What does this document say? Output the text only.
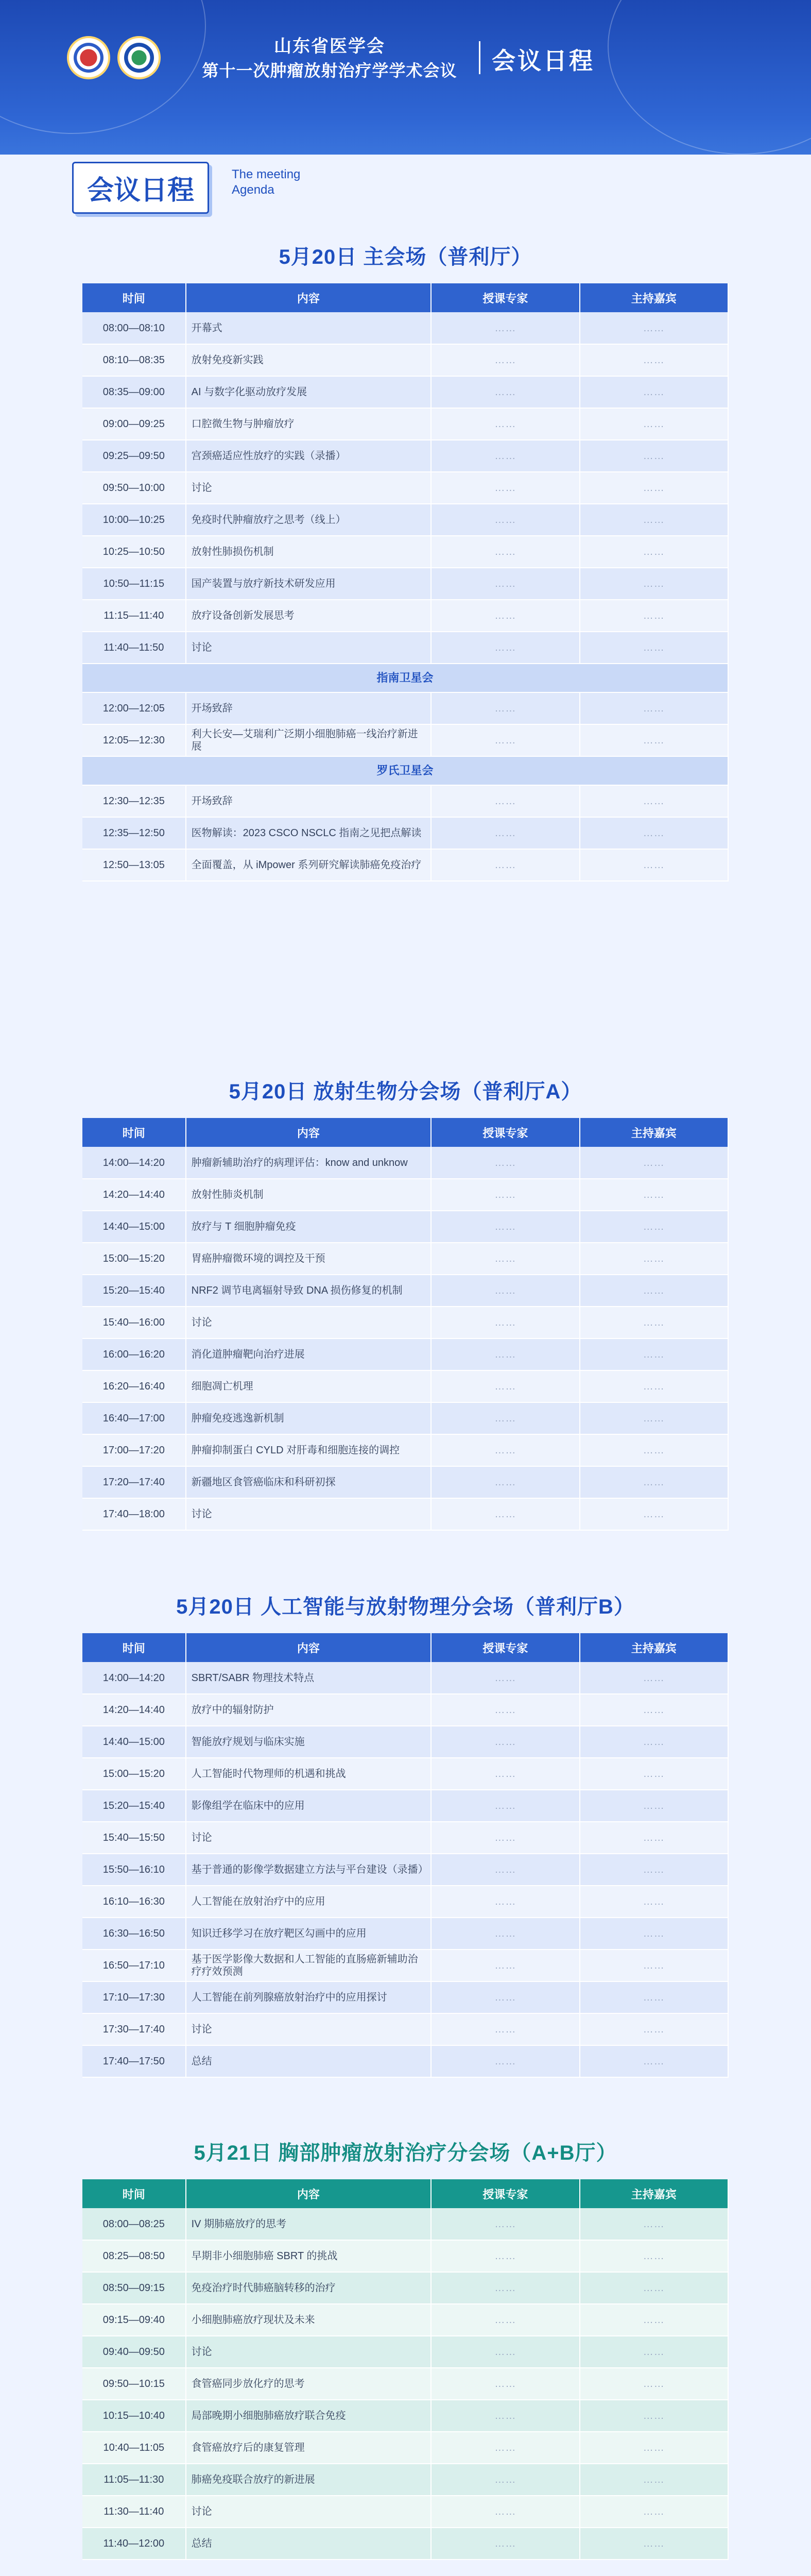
山东省医学会
第十一次肿瘤放射治疗学学术会议	会议日程
会议日程
The meeting Agenda
5月20日 主会场（普利厅）
时间	内容	授课专家	主持嘉宾
08:00—08:10	开幕式	……	……
08:10—08:35	放射免疫新实践	……	……
08:35—09:00	AI 与数字化驱动放疗发展	……	……
09:00—09:25	口腔微生物与肿瘤放疗	……	……
09:25—09:50	宫颈癌适应性放疗的实践（录播）	……	……
09:50—10:00	讨论	……	……
10:00—10:25	免疫时代肿瘤放疗之思考（线上）	……	……
10:25—10:50	放射性肺损伤机制	……	……
10:50—11:15	国产装置与放疗新技术研发应用	……	……
11:15—11:40	放疗设备创新发展思考	……	……
11:40—11:50	讨论	……	……
指南卫星会			
12:00—12:05	开场致辞	……	……
12:05—12:30	利大长安—艾瑞利广泛期小细胞肺癌一线治疗新进展	……	……
罗氏卫星会			
12:30—12:35	开场致辞	……	……
12:35—12:50	医物解读：2023 CSCO NSCLC 指南之见把点解读	……	……
12:50—13:05	全面覆盖，从 iMpower 系列研究解读肺癌免疫治疗	……	……
5月20日 放射生物分会场（普利厅A）
时间	内容	授课专家	主持嘉宾
14:00—14:20	肿瘤新辅助治疗的病理评估：know and unknow	……	……
14:20—14:40	放射性肺炎机制	……	……
14:40—15:00	放疗与 T 细胞肿瘤免疫	……	……
15:00—15:20	胃癌肿瘤微环境的调控及干预	……	……
15:20—15:40	NRF2 调节电离辐射导致 DNA 损伤修复的机制	……	……
15:40—16:00	讨论	……	……
16:00—16:20	消化道肿瘤靶向治疗进展	……	……
16:20—16:40	细胞凋亡机理	……	……
16:40—17:00	肿瘤免疫逃逸新机制	……	……
17:00—17:20	肿瘤抑制蛋白 CYLD 对肝毒和细胞连接的调控	……	……
17:20—17:40	新疆地区食管癌临床和科研初探	……	……
17:40—18:00	讨论	……	……
5月20日 人工智能与放射物理分会场（普利厅B）
时间	内容	授课专家	主持嘉宾
14:00—14:20	SBRT/SABR 物理技术特点	……	……
14:20—14:40	放疗中的辐射防护	……	……
14:40—15:00	智能放疗规划与临床实施	……	……
15:00—15:20	人工智能时代物理师的机遇和挑战	……	……
15:20—15:40	影像组学在临床中的应用	……	……
15:40—15:50	讨论	……	……
15:50—16:10	基于普通的影像学数据建立方法与平台建设（录播）	……	……
16:10—16:30	人工智能在放射治疗中的应用	……	……
16:30—16:50	知识迁移学习在放疗靶区勾画中的应用	……	……
16:50—17:10	基于医学影像大数据和人工智能的直肠癌新辅助治疗疗效预测	……	……
17:10—17:30	人工智能在前列腺癌放射治疗中的应用探讨	……	……
17:30—17:40	讨论	……	……
17:40—17:50	总结	……	……
5月21日 胸部肿瘤放射治疗分会场（A+B厅）
时间	内容	授课专家	主持嘉宾
08:00—08:25	IV 期肺癌放疗的思考	……	……
08:25—08:50	早期非小细胞肺癌 SBRT 的挑战	……	……
08:50—09:15	免疫治疗时代肺癌脑转移的治疗	……	……
09:15—09:40	小细胞肺癌放疗现状及未来	……	……
09:40—09:50	讨论	……	……
09:50—10:15	食管癌同步放化疗的思考	……	……
10:15—10:40	局部晚期小细胞肺癌放疗联合免疫	……	……
10:40—11:05	食管癌放疗后的康复管理	……	……
11:05—11:30	肺癌免疫联合放疗的新进展	……	……
11:30—11:40	讨论	……	……
11:40—12:00	总结	……	……
